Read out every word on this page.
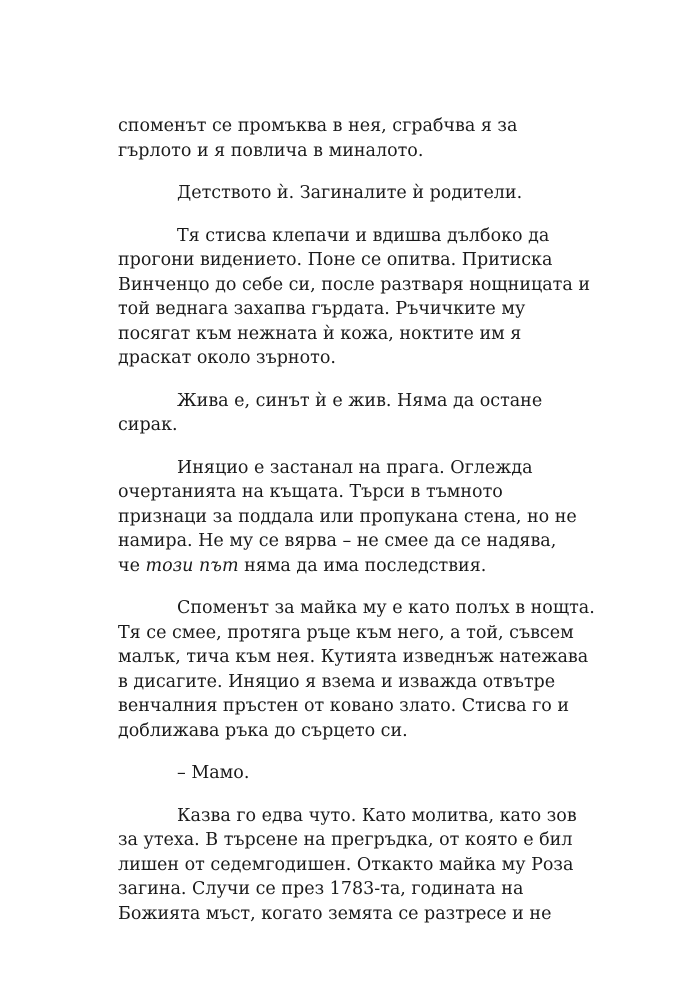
споменът се промъква в нея, сграбчва я за
гърлото и я повлича в миналото.

Детството ѝ. Загиналите ѝ родители.

Тя стисва клепачи и вдишва дълбоко да
прогони видението. Поне се опитва. Притиска
Винченцо до себе си, после разтваря нощницата и
той веднага захапва гърдата. Ръчичките му
посягат към нежната ѝ кожа, ноктите им я
драскат около зърното.

Жива е, синът ѝ е жив. Няма да остане
сирак.

Иняцио е застанал на прага. Оглежда
очертанията на къщата. Търси в тъмното
признаци за поддала или пропукана стена, но не
намира. Не му се вярва – не смее да се надява,
че този път няма да има последствия.

Споменът за майка му е като полъх в нощта.
Тя се смее, протяга ръце към него, а той, съвсем
малък, тича към нея. Кутията изведнъж натежава
в дисагите. Иняцио я взема и изважда отвътре
венчалния пръстен от ковано злато. Стисва го и
доближава ръка до сърцето си.

– Мамо.

Казва го едва чуто. Като молитва, като зов
за утеха. В търсене на прегръдка, от която е бил
лишен от седемгодишен. Откакто майка му Роза
загина. Случи се през 1783-та, годината на
Божията мъст, когато земята се разтресе и не
